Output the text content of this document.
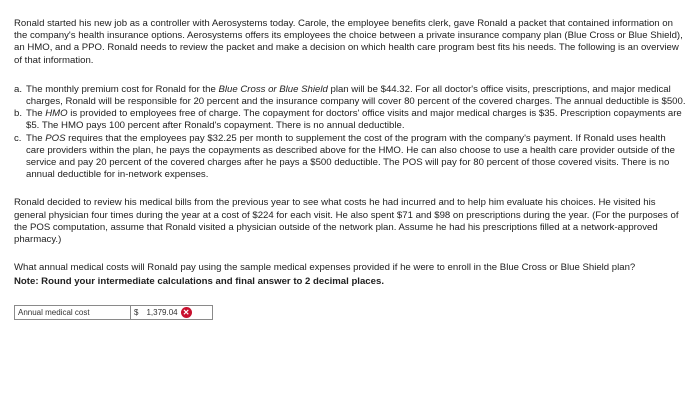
Ronald started his new job as a controller with Aerosystems today. Carole, the employee benefits clerk, gave Ronald a packet that contained information on the company's health insurance options. Aerosystems offers its employees the choice between a private insurance company plan (Blue Cross or Blue Shield), an HMO, and a PPO. Ronald needs to review the packet and make a decision on which health care program best fits his needs. The following is an overview of that information.

a. The monthly premium cost for Ronald for the Blue Cross or Blue Shield plan will be $44.32. For all doctor's office visits, prescriptions, and major medical charges, Ronald will be responsible for 20 percent and the insurance company will cover 80 percent of the covered charges. The annual deductible is $500.
b. The HMO is provided to employees free of charge. The copayment for doctors' office visits and major medical charges is $35. Prescription copayments are $5. The HMO pays 100 percent after Ronald's copayment. There is no annual deductible.
c. The POS requires that the employees pay $32.25 per month to supplement the cost of the program with the company's payment. If Ronald uses health care providers within the plan, he pays the copayments as described above for the HMO. He can also choose to use a health care provider outside of the service and pay 20 percent of the covered charges after he pays a $500 deductible. The POS will pay for 80 percent of those covered visits. There is no annual deductible for in-network expenses.

Ronald decided to review his medical bills from the previous year to see what costs he had incurred and to help him evaluate his choices. He visited his general physician four times during the year at a cost of $224 for each visit. He also spent $71 and $98 on prescriptions during the year. (For the purposes of the POS computation, assume that Ronald visited a physician outside of the network plan. Assume he had his prescriptions filled at a network-approved pharmacy.)

What annual medical costs will Ronald pay using the sample medical expenses provided if he were to enroll in the Blue Cross or Blue Shield plan?

Note: Round your intermediate calculations and final answer to 2 decimal places.

Annual medical cost	$ 1,379.04 ✕
